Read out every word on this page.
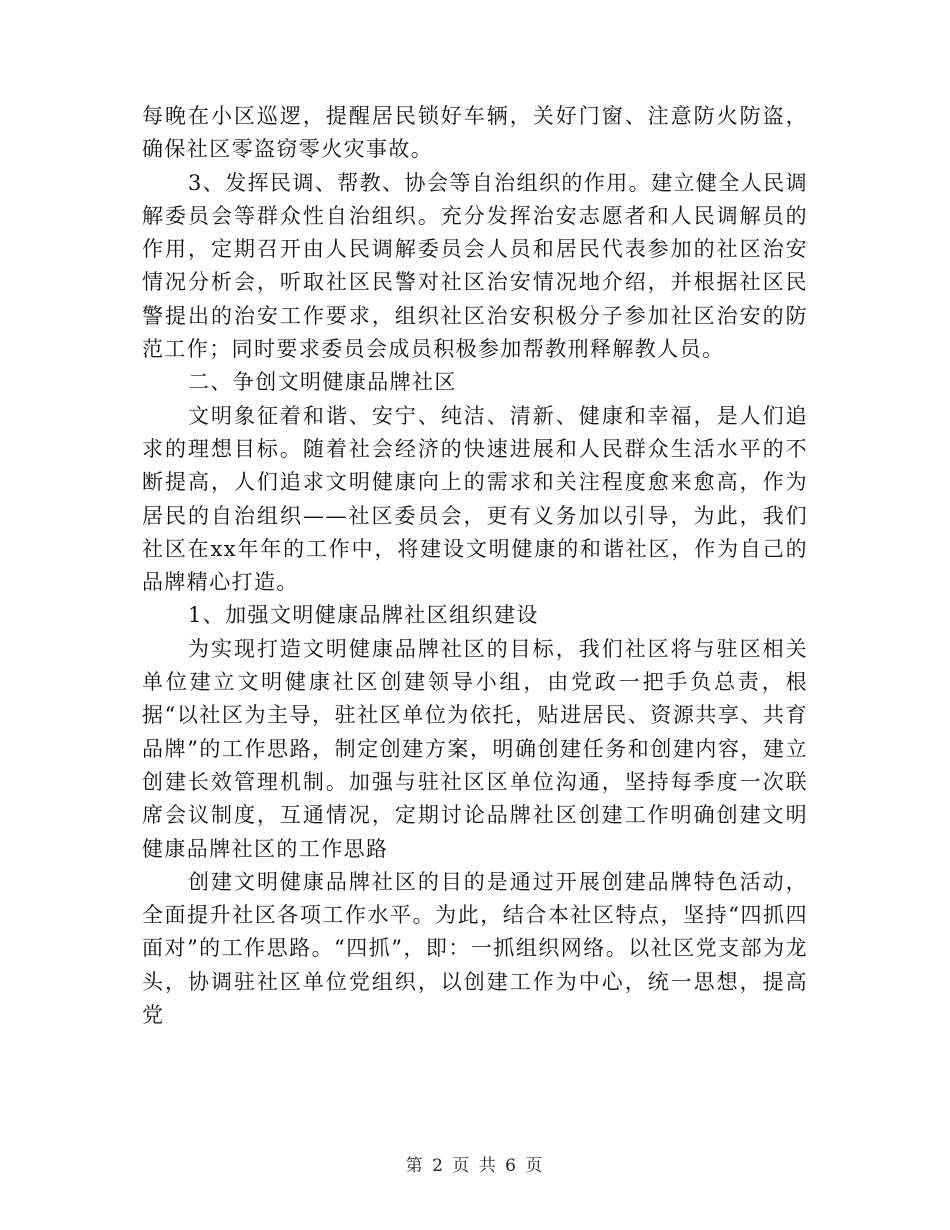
每晚在小区巡逻，提醒居民锁好车辆，关好门窗、注意防火防盗，确保社区零盗窃零火灾事故。

3、发挥民调、帮教、协会等自治组织的作用。建立健全人民调解委员会等群众性自治组织。充分发挥治安志愿者和人民调解员的作用，定期召开由人民调解委员会人员和居民代表参加的社区治安情况分析会，听取社区民警对社区治安情况地介绍，并根据社区民警提出的治安工作要求，组织社区治安积极分子参加社区治安的防范工作；同时要求委员会成员积极参加帮教刑释解教人员。

二、争创文明健康品牌社区

文明象征着和谐、安宁、纯洁、清新、健康和幸福，是人们追求的理想目标。随着社会经济的快速进展和人民群众生活水平的不断提高，人们追求文明健康向上的需求和关注程度愈来愈高，作为居民的自治组织——社区委员会，更有义务加以引导，为此，我们社区在xx年年的工作中，将建设文明健康的和谐社区，作为自己的品牌精心打造。

1、加强文明健康品牌社区组织建设

为实现打造文明健康品牌社区的目标，我们社区将与驻区相关单位建立文明健康社区创建领导小组，由党政一把手负总责，根据“以社区为主导，驻社区单位为依托，贴进居民、资源共享、共育品牌”的工作思路，制定创建方案，明确创建任务和创建内容，建立创建长效管理机制。加强与驻社区区单位沟通，坚持每季度一次联席会议制度，互通情况，定期讨论品牌社区创建工作明确创建文明健康品牌社区的工作思路

创建文明健康品牌社区的目的是通过开展创建品牌特色活动，全面提升社区各项工作水平。为此，结合本社区特点，坚持“四抓四面对”的工作思路。“四抓”，即：一抓组织网络。以社区党支部为龙头，协调驻社区单位党组织，以创建工作为中心，统一思想，提高党

第 2 页 共 6 页
